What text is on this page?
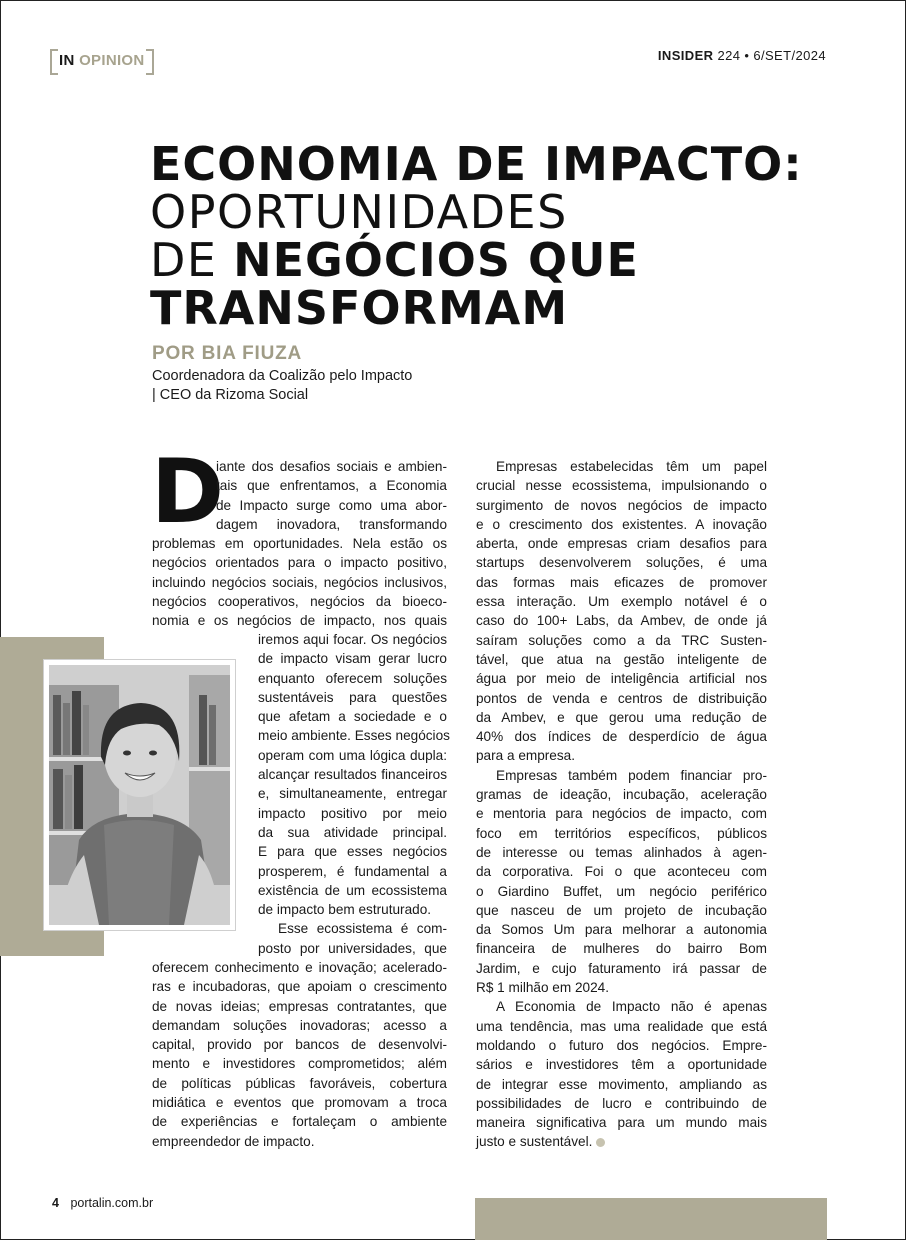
IN OPINION	INSIDER 224 • 6/SET/2024
ECONOMIA DE IMPACTO:
OPORTUNIDADES
DE NEGÓCIOS QUE
TRANSFORMAM
POR BIA FIUZA
Coordenadora da Coalizão pelo Impacto
| CEO da Rizoma Social
D
iante dos desafios sociais e ambien-
tais que enfrentamos, a Economia
de Impacto surge como uma abor-
dagem inovadora, transformando
problemas em oportunidades. Nela estão os
negócios orientados para o impacto positivo,
incluindo negócios sociais, negócios inclusivos,
negócios cooperativos, negócios da bioeco-
nomia e os negócios de impacto, nos quais
iremos aqui focar. Os negócios
de impacto visam gerar lucro
enquanto oferecem soluções
sustentáveis para questões
que afetam a sociedade e o
meio ambiente. Esses negócios
operam com uma lógica dupla:
alcançar resultados financeiros
e, simultaneamente, entregar
impacto positivo por meio
da sua atividade principal.
E para que esses negócios
prosperem, é fundamental a
existência de um ecossistema
de impacto bem estruturado.
Esse ecossistema é com-
posto por universidades, que
oferecem conhecimento e inovação; acelerado-
ras e incubadoras, que apoiam o crescimento
de novas ideias; empresas contratantes, que
demandam soluções inovadoras; acesso a
capital, provido por bancos de desenvolvi-
mento e investidores comprometidos; além
de políticas públicas favoráveis, cobertura
midiática e eventos que promovam a troca
de experiências e fortaleçam o ambiente
empreendedor de impacto.
Empresas estabelecidas têm um papel
crucial nesse ecossistema, impulsionando o
surgimento de novos negócios de impacto
e o crescimento dos existentes. A inovação
aberta, onde empresas criam desafios para
startups desenvolverem soluções, é uma
das formas mais eficazes de promover
essa interação. Um exemplo notável é o
caso do 100+ Labs, da Ambev, de onde já
saíram soluções como a da TRC Susten-
tável, que atua na gestão inteligente de
água por meio de inteligência artificial nos
pontos de venda e centros de distribuição
da Ambev, e que gerou uma redução de
40% dos índices de desperdício de água
para a empresa.
Empresas também podem financiar pro-
gramas de ideação, incubação, aceleração
e mentoria para negócios de impacto, com
foco em territórios específicos, públicos
de interesse ou temas alinhados à agen-
da corporativa. Foi o que aconteceu com
o Giardino Buffet, um negócio periférico
que nasceu de um projeto de incubação
da Somos Um para melhorar a autonomia
financeira de mulheres do bairro Bom
Jardim, e cujo faturamento irá passar de
R$ 1 milhão em 2024.
A Economia de Impacto não é apenas
uma tendência, mas uma realidade que está
moldando o futuro dos negócios. Empre-
sários e investidores têm a oportunidade
de integrar esse movimento, ampliando as
possibilidades de lucro e contribuindo de
maneira significativa para um mundo mais
justo e sustentável.
4 portalin.com.br
